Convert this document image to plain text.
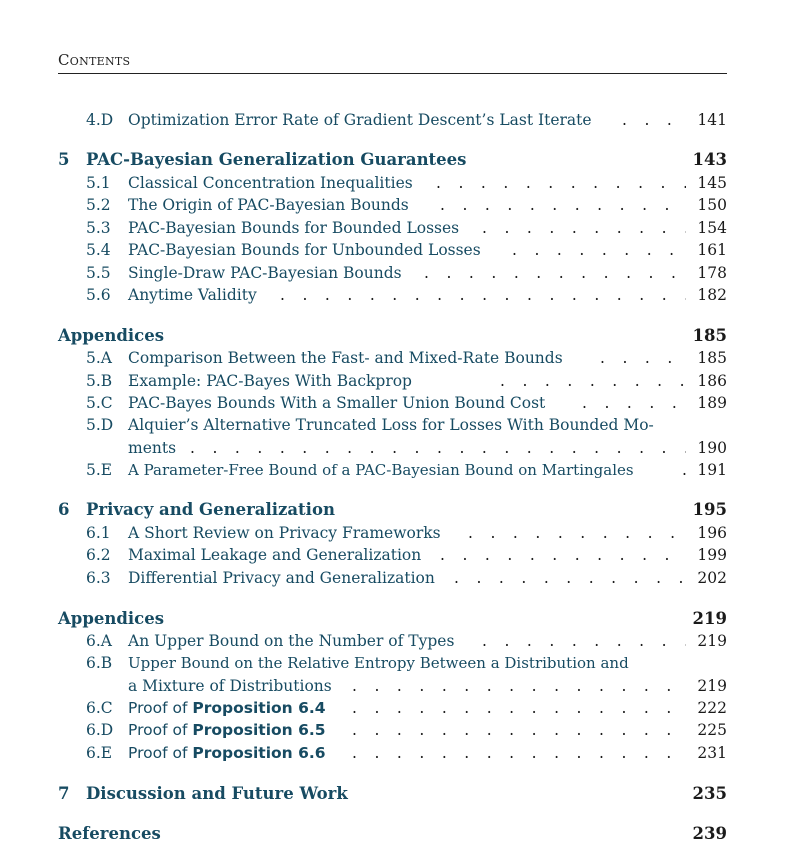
Contents
4.D Optimization Error Rate of Gradient Descent’s Last Iterate . . .	141
5 PAC-Bayesian Generalization Guarantees	143
5.1 Classical Concentration Inequalities . . .	145
5.2 The Origin of PAC-Bayesian Bounds . . .	150
5.3 PAC-Bayesian Bounds for Bounded Losses . . .	154
5.4 PAC-Bayesian Bounds for Unbounded Losses . . .	161
5.5 Single-Draw PAC-Bayesian Bounds . . .	178
5.6 Anytime Validity . . .	182
Appendices	185
5.A Comparison Between the Fast- and Mixed-Rate Bounds . . .	185
5.B Example: PAC-Bayes With Backprop . . .	186
5.C PAC-Bayes Bounds With a Smaller Union Bound Cost . . .	189
5.D Alquier’s Alternative Truncated Loss for Losses With Bounded Mo-
ments . . .	190
5.E A Parameter-Free Bound of a PAC-Bayesian Bound on Martingales . . .	191
6 Privacy and Generalization	195
6.1 A Short Review on Privacy Frameworks . . .	196
6.2 Maximal Leakage and Generalization . . .	199
6.3 Differential Privacy and Generalization . . .	202
Appendices	219
6.A An Upper Bound on the Number of Types . . .	219
6.B Upper Bound on the Relative Entropy Between a Distribution and
a Mixture of Distributions . . .	219
6.C Proof of Proposition 6.4 . . .	222
6.D Proof of Proposition 6.5 . . .	225
6.E Proof of Proposition 6.6 . . .	231
7 Discussion and Future Work	235
References	239
